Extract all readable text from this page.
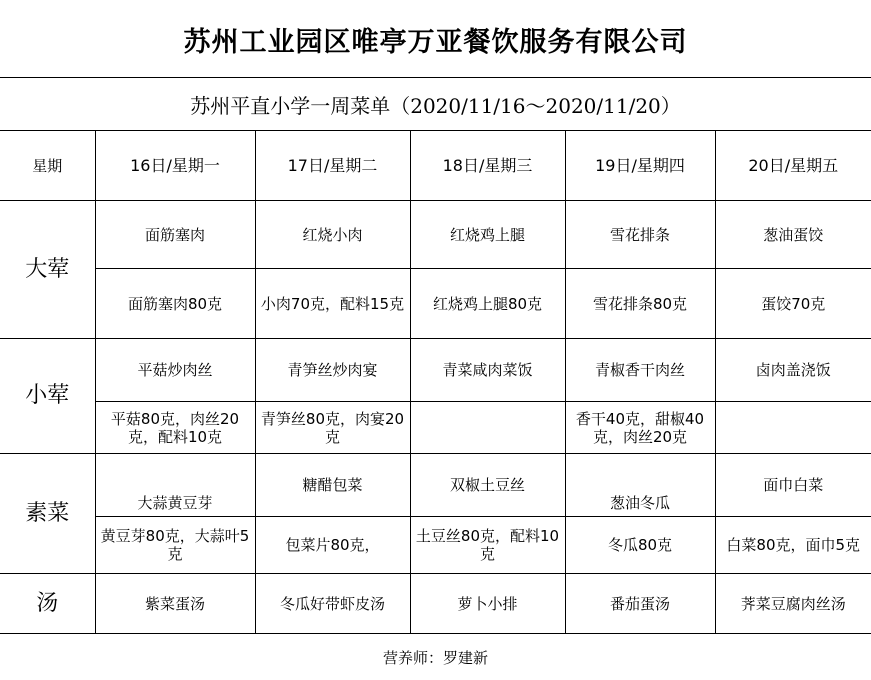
苏州工业园区唯亭万亚餐饮服务有限公司
苏州平直小学一周菜单（2020/11/16～2020/11/20）
星期	16日/星期一	17日/星期二	18日/星期三	19日/星期四	20日/星期五
大荤	面筋塞肉	红烧小肉	红烧鸡上腿	雪花排条	葱油蛋饺
	面筋塞肉80克	小肉70克，配料15克	红烧鸡上腿80克	雪花排条80克	蛋饺70克
小荤	平菇炒肉丝	青笋丝炒肉宴	青菜咸肉菜饭	青椒香干肉丝	卤肉盖浇饭
	平菇80克，肉丝20克，配料10克	青笋丝80克，肉宴20克		香干40克，甜椒40克，肉丝20克	
素菜	大蒜黄豆芽	糖醋包菜	双椒土豆丝	葱油冬瓜	面巾白菜
	黄豆芽80克，大蒜叶5克	包菜片80克，	土豆丝80克，配料10克	冬瓜80克	白菜80克，面巾5克
汤	紫菜蛋汤	冬瓜好带虾皮汤	萝卜小排	番茄蛋汤	荠菜豆腐肉丝汤
营养师：罗建新
